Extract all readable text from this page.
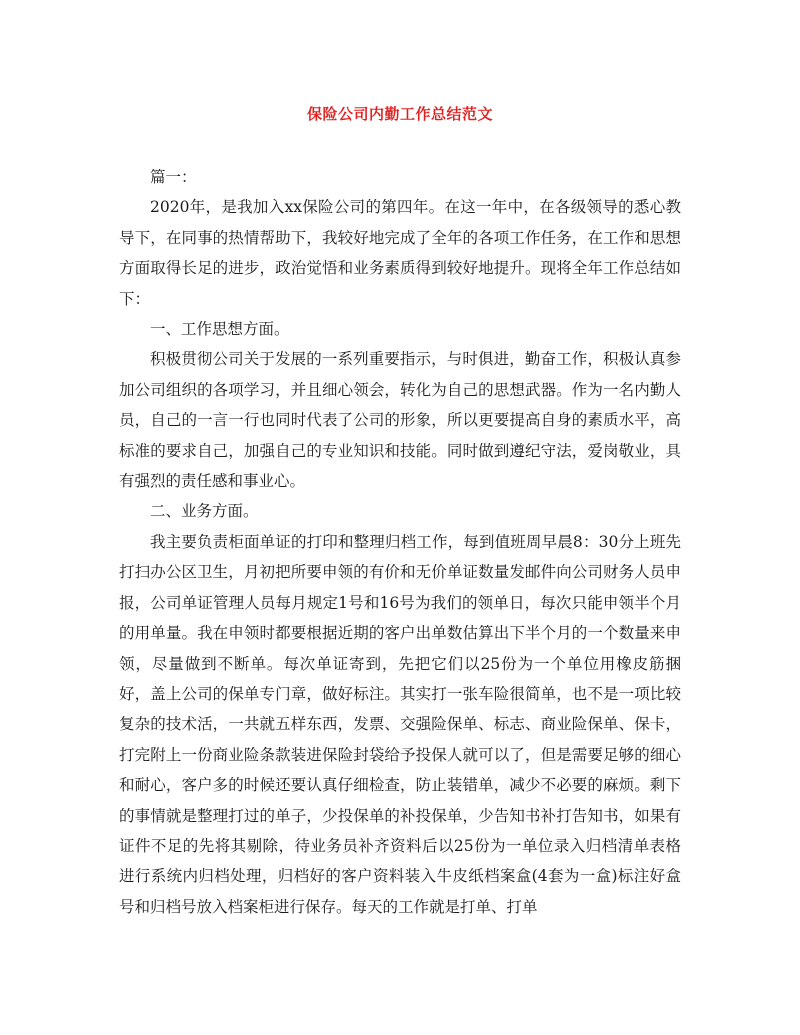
保险公司内勤工作总结范文

篇一：

2020年，是我加入xx保险公司的第四年。在这一年中，在各级领导的悉心教导下，在同事的热情帮助下，我较好地完成了全年的各项工作任务，在工作和思想方面取得长足的进步，政治觉悟和业务素质得到较好地提升。现将全年工作总结如下：

一、工作思想方面。

积极贯彻公司关于发展的一系列重要指示，与时俱进，勤奋工作，积极认真参加公司组织的各项学习，并且细心领会，转化为自己的思想武器。作为一名内勤人员，自己的一言一行也同时代表了公司的形象，所以更要提高自身的素质水平，高标准的要求自己，加强自己的专业知识和技能。同时做到遵纪守法，爱岗敬业，具有强烈的责任感和事业心。

二、业务方面。

我主要负责柜面单证的打印和整理归档工作，每到值班周早晨8：30分上班先打扫办公区卫生，月初把所要申领的有价和无价单证数量发邮件向公司财务人员申报，公司单证管理人员每月规定1号和16号为我们的领单日，每次只能申领半个月的用单量。我在申领时都要根据近期的客户出单数估算出下半个月的一个数量来申领，尽量做到不断单。每次单证寄到，先把它们以25份为一个单位用橡皮筋捆好，盖上公司的保单专门章，做好标注。其实打一张车险很简单，也不是一项比较复杂的技术活，一共就五样东西，发票、交强险保单、标志、商业险保单、保卡，打完附上一份商业险条款装进保险封袋给予投保人就可以了，但是需要足够的细心和耐心，客户多的时候还要认真仔细检查，防止装错单，减少不必要的麻烦。剩下的事情就是整理打过的单子，少投保单的补投保单，少告知书补打告知书，如果有证件不足的先将其剔除，待业务员补齐资料后以25份为一单位录入归档清单表格进行系统内归档处理，归档好的客户资料装入牛皮纸档案盒(4套为一盒)标注好盒号和归档号放入档案柜进行保存。每天的工作就是打单、打单
